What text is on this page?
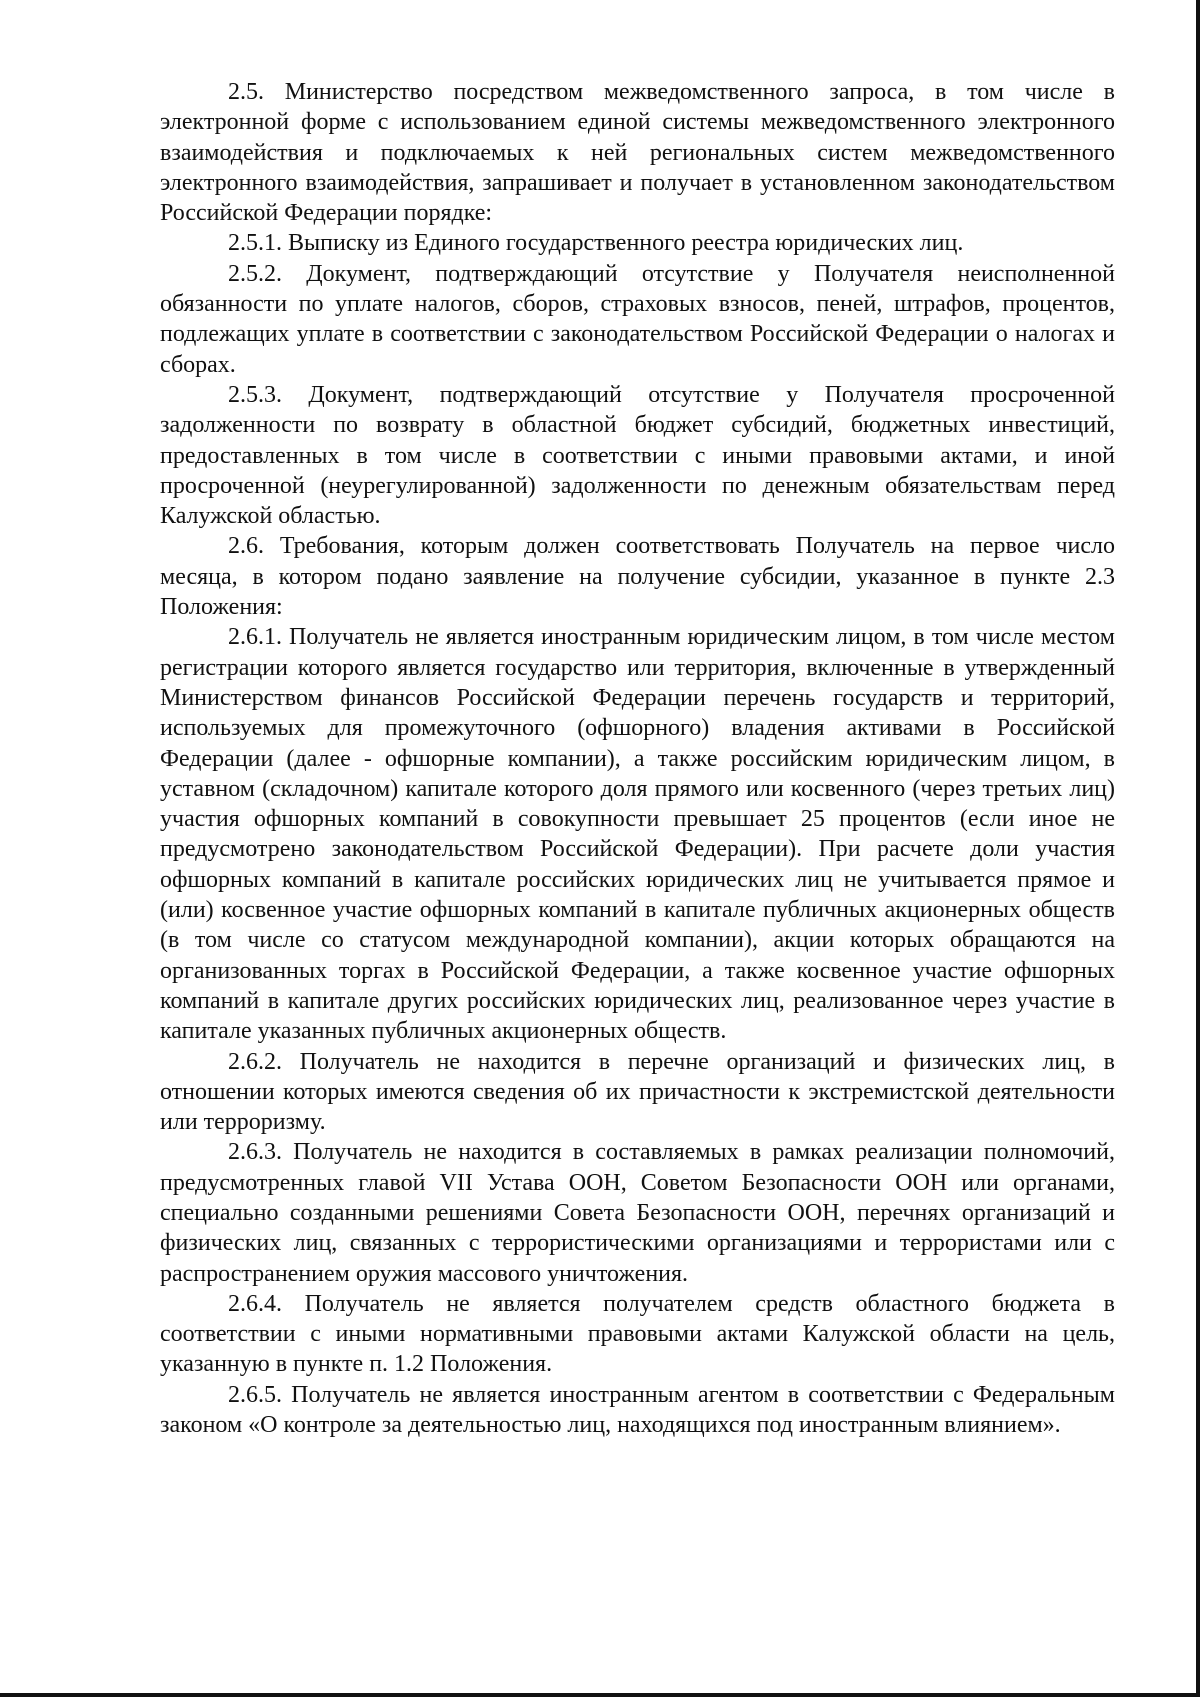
2.5. Министерство посредством межведомственного запроса, в том числе в электронной форме с использованием единой системы межведомственного электронного взаимодействия и подключаемых к ней региональных систем межведомственного электронного взаимодействия, запрашивает и получает в установленном законодательством Российской Федерации порядке:

2.5.1. Выписку из Единого государственного реестра юридических лиц.

2.5.2. Документ, подтверждающий отсутствие у Получателя неисполненной обязанности по уплате налогов, сборов, страховых взносов, пеней, штрафов, процентов, подлежащих уплате в соответствии с законодательством Российской Федерации о налогах и сборах.

2.5.3. Документ, подтверждающий отсутствие у Получателя просроченной задолженности по возврату в областной бюджет субсидий, бюджетных инвестиций, предоставленных в том числе в соответствии с иными правовыми актами, и иной просроченной (неурегулированной) задолженности по денежным обязательствам перед Калужской областью.

2.6. Требования, которым должен соответствовать Получатель на первое число месяца, в котором подано заявление на получение субсидии, указанное в пункте 2.3 Положения:

2.6.1. Получатель не является иностранным юридическим лицом, в том числе местом регистрации которого является государство или территория, включенные в утвержденный Министерством финансов Российской Федерации перечень государств и территорий, используемых для промежуточного (офшорного) владения активами в Российской Федерации (далее - офшорные компании), а также российским юридическим лицом, в уставном (складочном) капитале которого доля прямого или косвенного (через третьих лиц) участия офшорных компаний в совокупности превышает 25 процентов (если иное не предусмотрено законодательством Российской Федерации). При расчете доли участия офшорных компаний в капитале российских юридических лиц не учитывается прямое и (или) косвенное участие офшорных компаний в капитале публичных акционерных обществ (в том числе со статусом международной компании), акции которых обращаются на организованных торгах в Российской Федерации, а также косвенное участие офшорных компаний в капитале других российских юридических лиц, реализованное через участие в капитале указанных публичных акционерных обществ.

2.6.2. Получатель не находится в перечне организаций и физических лиц, в отношении которых имеются сведения об их причастности к экстремистской деятельности или терроризму.

2.6.3. Получатель не находится в составляемых в рамках реализации полномочий, предусмотренных главой VII Устава ООН, Советом Безопасности ООН или органами, специально созданными решениями Совета Безопасности ООН, перечнях организаций и физических лиц, связанных с террористическими организациями и террористами или с распространением оружия массового уничтожения.

2.6.4. Получатель не является получателем средств областного бюджета в соответствии с иными нормативными правовыми актами Калужской области на цель, указанную в пункте п. 1.2 Положения.

2.6.5. Получатель не является иностранным агентом в соответствии с Федеральным законом «О контроле за деятельностью лиц, находящихся под иностранным влиянием».
